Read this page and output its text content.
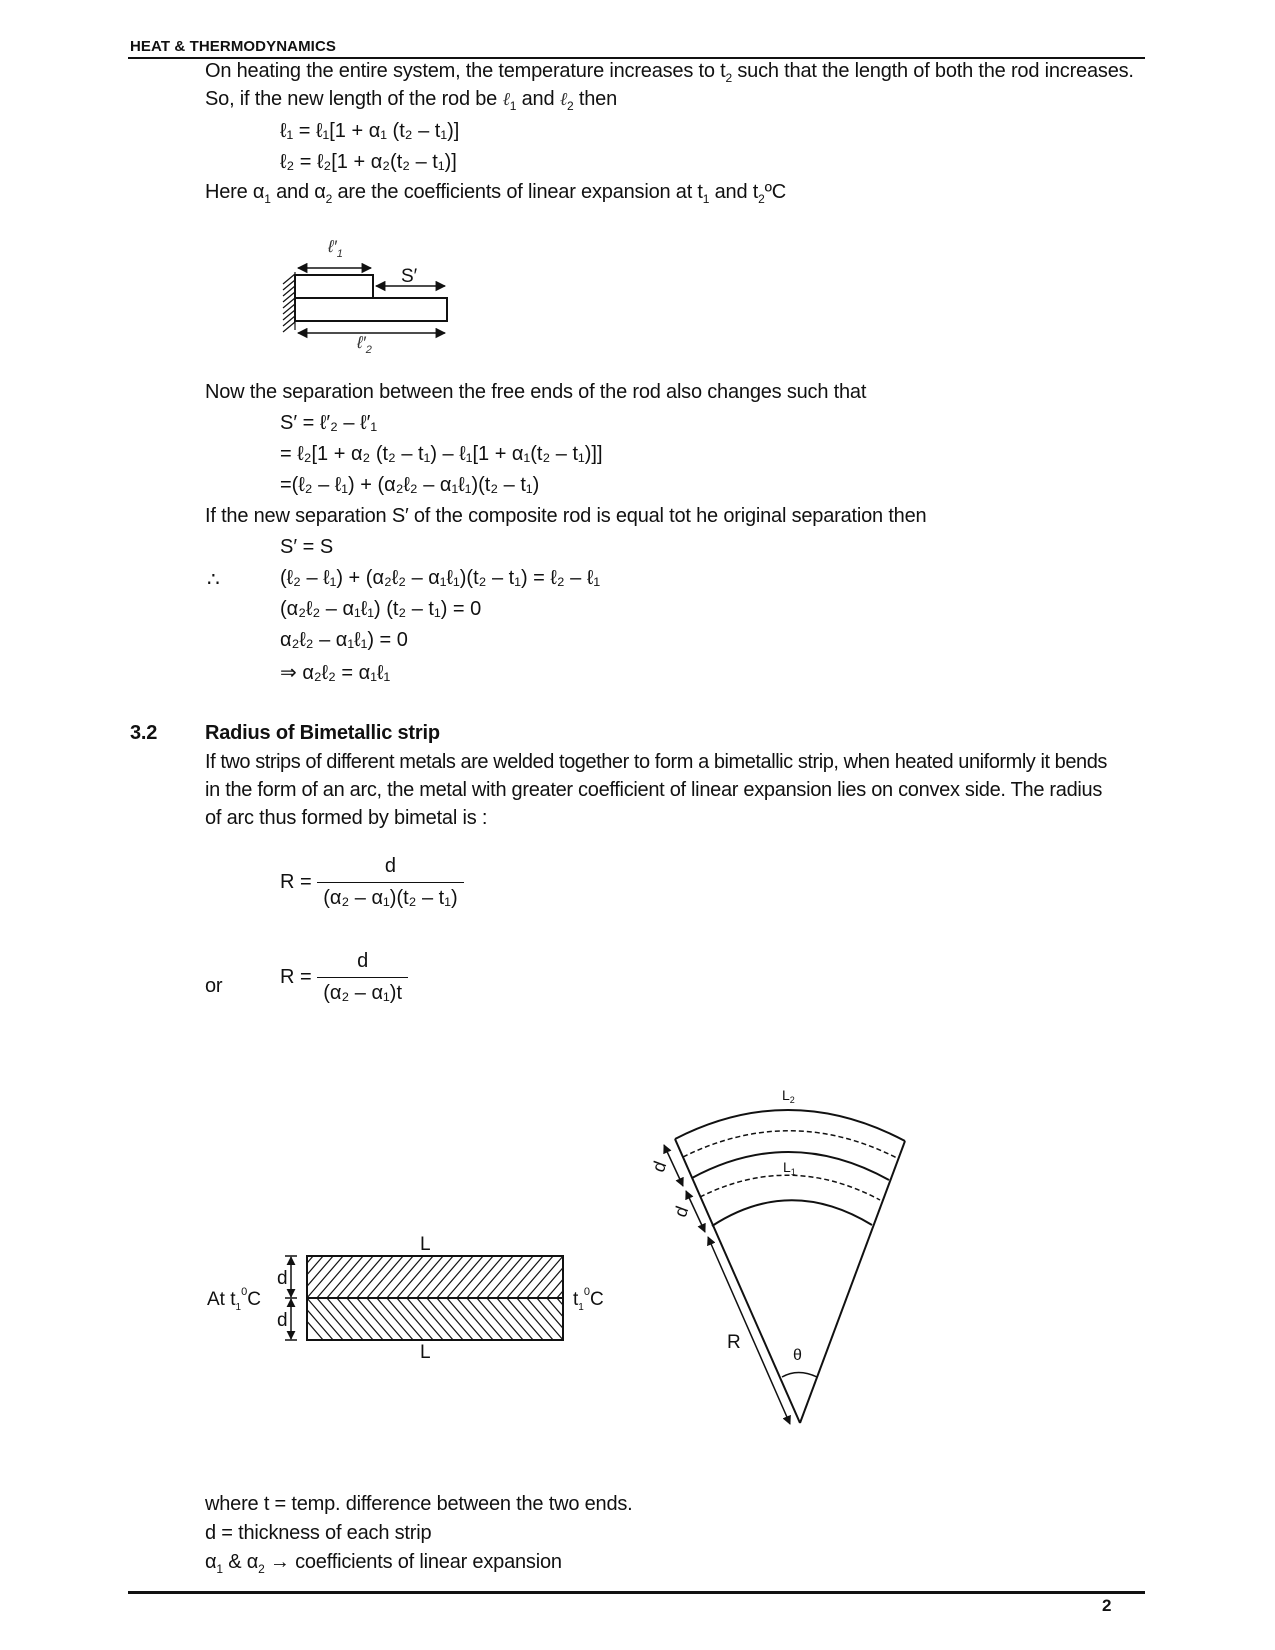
HEAT & THERMODYNAMICS
On heating the entire system, the temperature increases to $t_2$ such that the length of both the rod increases.
So, if the new length of the rod be ℓ$_1$ and ℓ$_2$ then
ℓ₁ = ℓ₁[1 + α₁ (t₂ – t₁)]
ℓ₂ = ℓ₂[1 + α₂(t₂ – t₁)]
Here $\alpha_1$ and $\alpha_2$ are the coefficients of linear expansion at $t_1$ and $t_2ºC$
$\ell'_1$
S′
$\ell'_2$
Now the separation between the free ends of the rod also changes such that
S′ = ℓ′₂ – ℓ′₁
= ℓ₂[1 + α₂ (t₂ – t₁) – ℓ₁[1 + α₁(t₂ – t₁)]]
=(ℓ₂ – ℓ₁) + (α₂ℓ₂ – α₁ℓ₁)(t₂ – t₁)
If the new separation S′ of the composite rod is equal tot he original separation then
S′ = S
∴	(ℓ₂ – ℓ₁) + (α₂ℓ₂ – α₁ℓ₁)(t₂ – t₁) = ℓ₂ – ℓ₁
(α₂ℓ₂ – α₁ℓ₁) (t₂ – t₁) = 0
α₂ℓ₂ – α₁ℓ₁) = 0
⇒ α₂ℓ₂ = α₁ℓ₁
3.2 Radius of Bimetallic strip
If two strips of different metals are welded together to form a bimetallic strip, when heated uniformly it bends
in the form of an arc, the metal with greater coefficient of linear expansion lies on convex side. The radius
of arc thus formed by bimetal is :
$R = \frac{d}{\text{(α₂ – α₁)(t₂ – t₁)}}$
or	$R = \frac{d}{\text{(α₂ – α₁)t}}$
L
L
d
d
At $t_1^0C$	$t_1^0C$
$L_2$
$L_1$
d
d
R
θ
where t = temp. difference between the two ends.
d = thickness of each strip
$\alpha_1$ & $\alpha_2$ → coefficients of linear expansion
2
